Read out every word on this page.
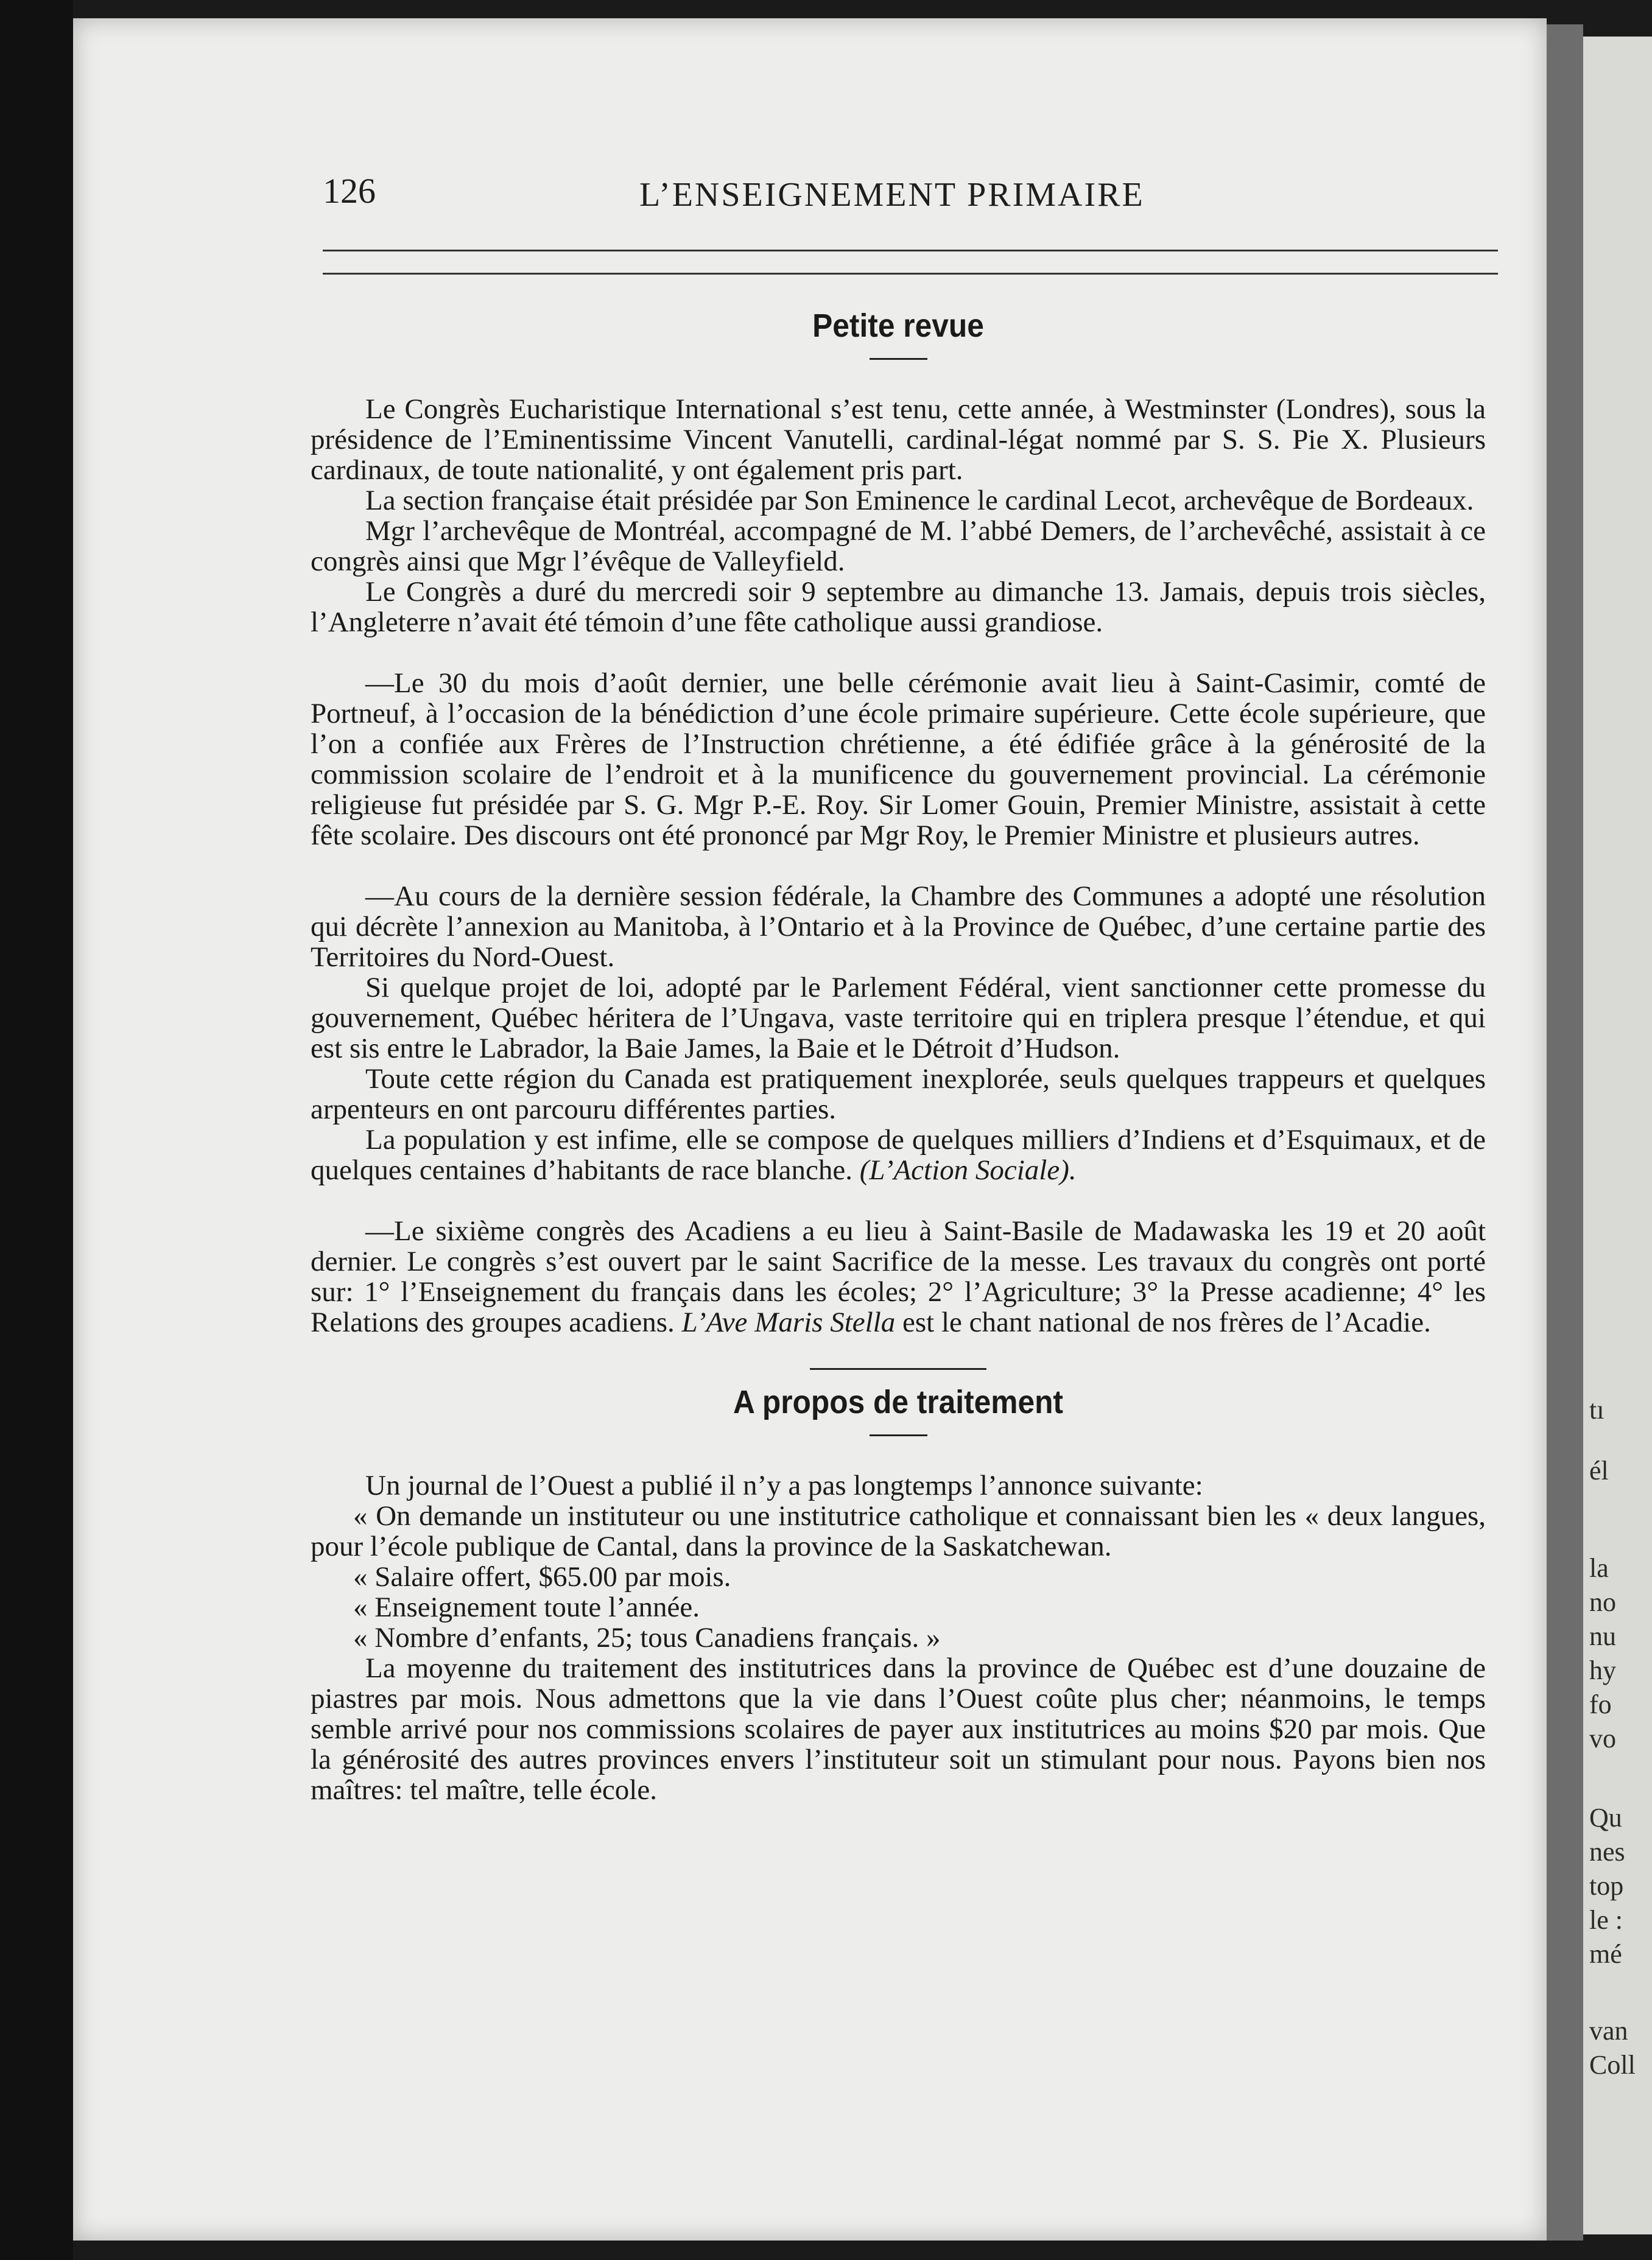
tı
él
la
no
nu
hy
fo
vo
Qu
nes
top
le :
mé
van
Coll
126	L’ENSEIGNEMENT PRIMAIRE
Petite revue

Le Congrès Eucharistique International s’est tenu, cette année, à Westminster (Londres), sous la présidence de l’Eminentissime Vincent Vanutelli, cardinal-légat nommé par S. S. Pie X. Plusieurs cardinaux, de toute nationalité, y ont également pris part.

La section française était présidée par Son Eminence le cardinal Lecot, archevêque de Bordeaux.

Mgr l’archevêque de Montréal, accompagné de M. l’abbé Demers, de l’archevêché, assistait à ce congrès ainsi que Mgr l’évêque de Valleyfield.

Le Congrès a duré du mercredi soir 9 septembre au dimanche 13. Jamais, depuis trois siècles, l’Angleterre n’avait été témoin d’une fête catholique aussi grandiose.

—Le 30 du mois d’août dernier, une belle cérémonie avait lieu à Saint-Casimir, comté de Portneuf, à l’occasion de la bénédiction d’une école primaire supérieure. Cette école supérieure, que l’on a confiée aux Frères de l’Instruction chrétienne, a été édifiée grâce à la générosité de la commission scolaire de l’endroit et à la munificence du gouvernement provincial. La cérémonie religieuse fut présidée par S. G. Mgr P.-E. Roy. Sir Lomer Gouin, Premier Ministre, assistait à cette fête scolaire. Des discours ont été prononcé par Mgr Roy, le Premier Ministre et plusieurs autres.

—Au cours de la dernière session fédérale, la Chambre des Communes a adopté une résolution qui décrète l’annexion au Manitoba, à l’Ontario et à la Province de Québec, d’une certaine partie des Territoires du Nord-Ouest.

Si quelque projet de loi, adopté par le Parlement Fédéral, vient sanctionner cette promesse du gouvernement, Québec héritera de l’Ungava, vaste territoire qui en triplera presque l’étendue, et qui est sis entre le Labrador, la Baie James, la Baie et le Détroit d’Hudson.

Toute cette région du Canada est pratiquement inexplorée, seuls quelques trappeurs et quelques arpenteurs en ont parcouru différentes parties.

La population y est infime, elle se compose de quelques milliers d’Indiens et d’Esquimaux, et de quelques centaines d’habitants de race blanche. (L’Action Sociale).

—Le sixième congrès des Acadiens a eu lieu à Saint-Basile de Madawaska les 19 et 20 août dernier. Le congrès s’est ouvert par le saint Sacrifice de la messe. Les travaux du congrès ont porté sur: 1° l’Enseignement du français dans les écoles; 2° l’Agriculture; 3° la Presse acadienne; 4° les Relations des groupes acadiens. L’Ave Maris Stella est le chant national de nos frères de l’Acadie.

A propos de traitement

Un journal de l’Ouest a publié il n’y a pas longtemps l’annonce suivante:

« On demande un instituteur ou une institutrice catholique et connaissant bien les « deux langues, pour l’école publique de Cantal, dans la province de la Saskatchewan.

« Salaire offert, $65.00 par mois.

« Enseignement toute l’année.

« Nombre d’enfants, 25; tous Canadiens français. »

La moyenne du traitement des institutrices dans la province de Québec est d’une douzaine de piastres par mois. Nous admettons que la vie dans l’Ouest coûte plus cher; néanmoins, le temps semble arrivé pour nos commissions scolaires de payer aux institutrices au moins $20 par mois. Que la générosité des autres provinces envers l’instituteur soit un stimulant pour nous. Payons bien nos maîtres: tel maître, telle école.
